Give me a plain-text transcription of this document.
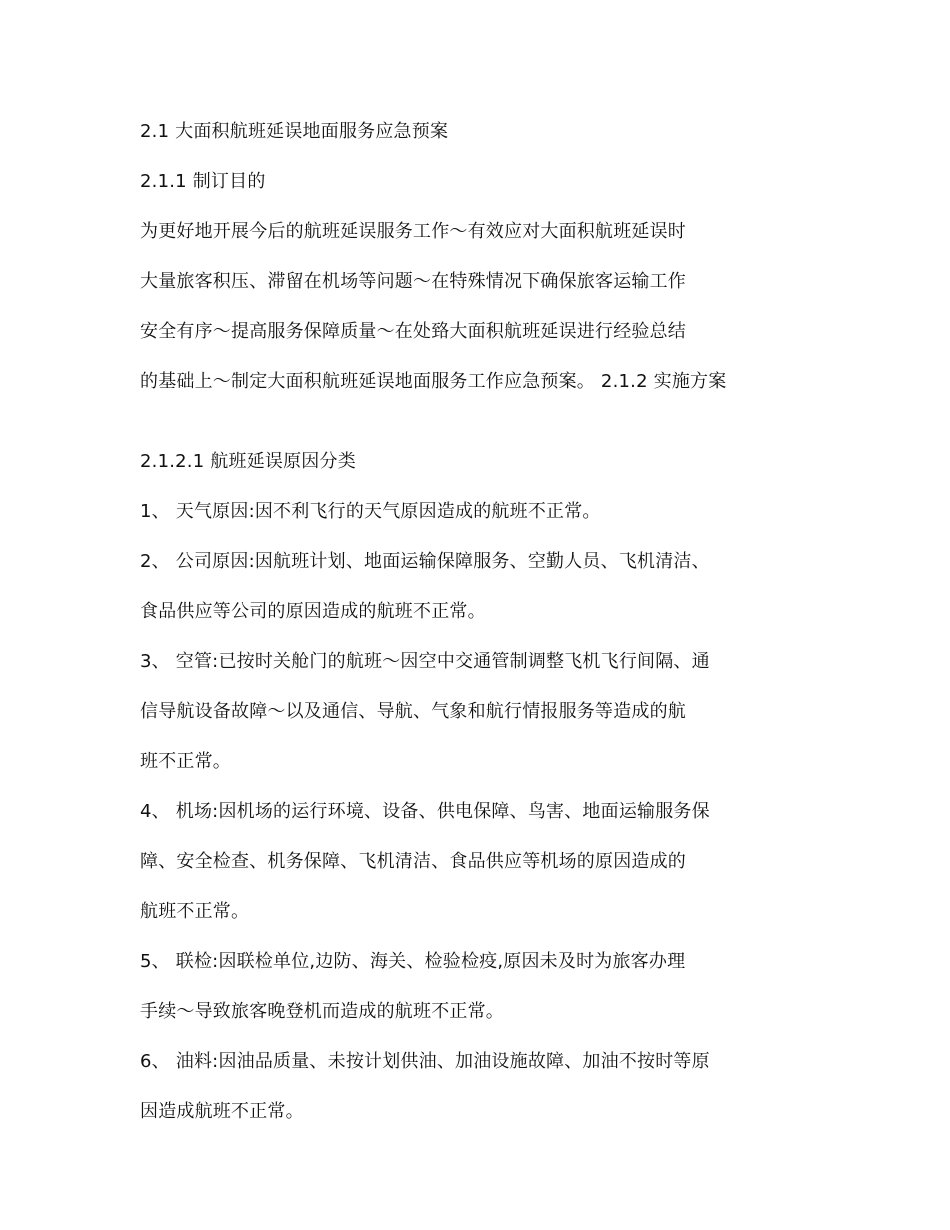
2.1 大面积航班延误地面服务应急预案
2.1.1 制订目的
为更好地开展今后的航班延误服务工作～有效应对大面积航班延误时
大量旅客积压、滞留在机场等问题～在特殊情况下确保旅客运输工作
安全有序～提高服务保障质量～在处臵大面积航班延误进行经验总结
的基础上～制定大面积航班延误地面服务工作应急预案。 2.1.2 实施方案
2.1.2.1 航班延误原因分类
1、 天气原因:因不利飞行的天气原因造成的航班不正常。
2、 公司原因:因航班计划、地面运输保障服务、空勤人员、飞机清洁、
食品供应等公司的原因造成的航班不正常。
3、 空管:已按时关舱门的航班～因空中交通管制调整飞机飞行间隔、通
信导航设备故障～以及通信、导航、气象和航行情报服务等造成的航
班不正常。
4、 机场:因机场的运行环境、设备、供电保障、鸟害、地面运输服务保
障、安全检查、机务保障、飞机清洁、食品供应等机场的原因造成的
航班不正常。
5、 联检:因联检单位,边防、海关、检验检疫,原因未及时为旅客办理
手续～导致旅客晚登机而造成的航班不正常。
6、 油料:因油品质量、未按计划供油、加油设施故障、加油不按时等原
因造成航班不正常。
